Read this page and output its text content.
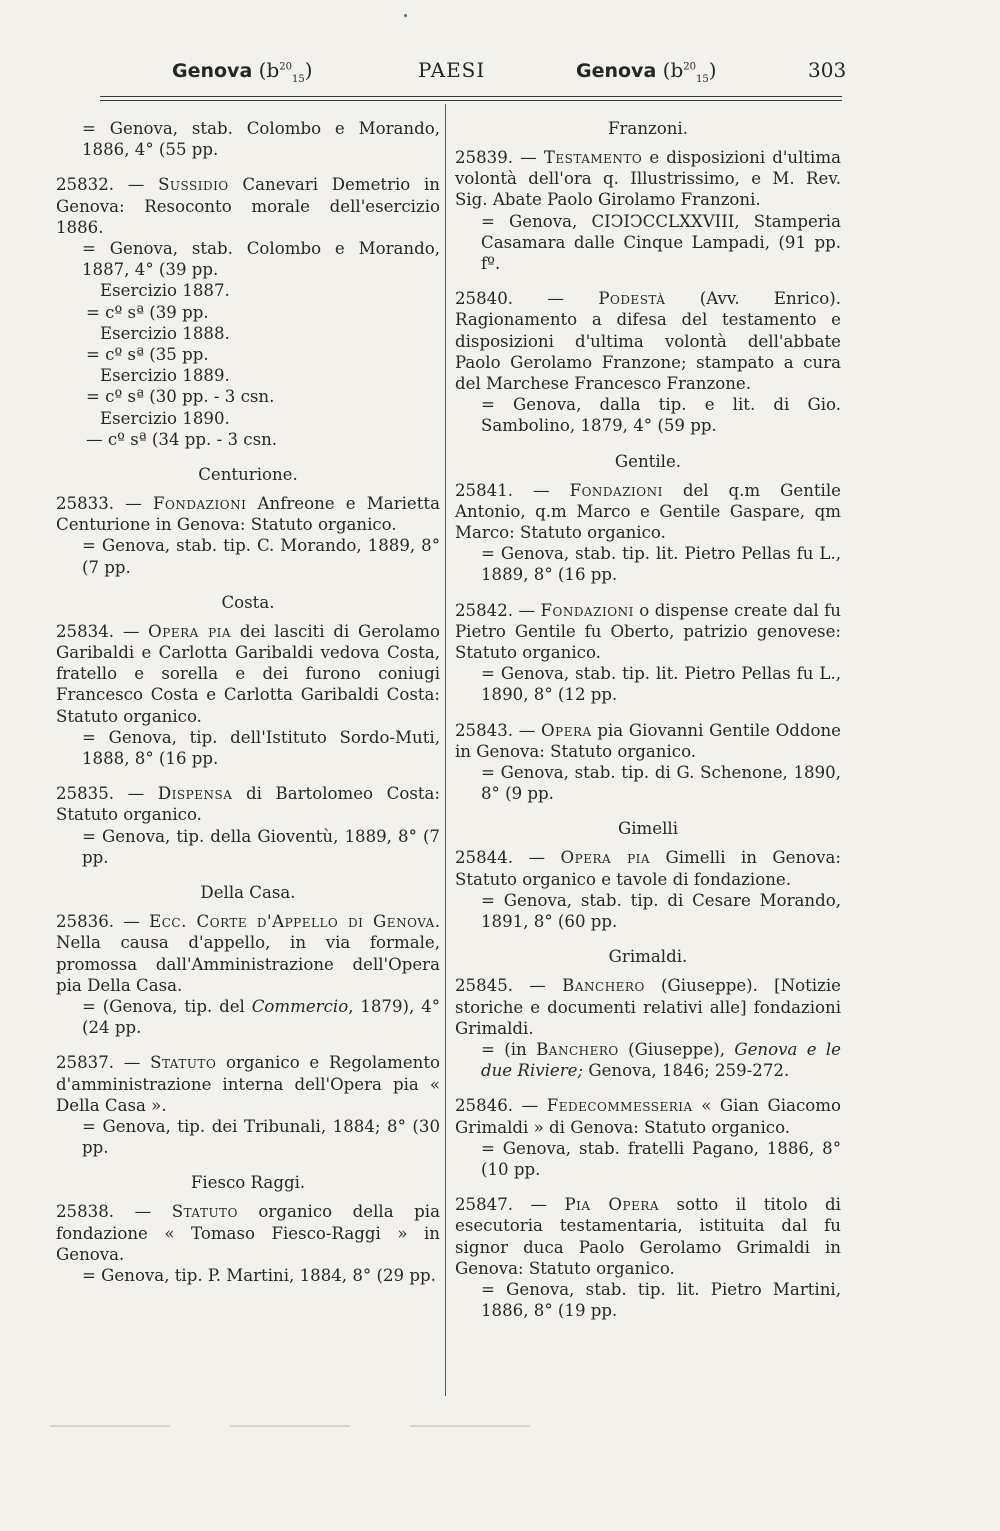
Genova $(b^{20}_{15})$	PAESI	Genova $(b^{20}_{15})$	303

= Genova, stab. Colombo e Morando, 1886, 4° (55 pp.

25832. — Sussidio Canevari Demetrio in Genova: Resoconto morale dell'esercizio 1886.

= Genova, stab. Colombo e Morando, 1887, 4° (39 pp.

Esercizio 1887.
= cº sª (39 pp.
Esercizio 1888.
= cº sª (35 pp.
Esercizio 1889.
= cº sª (30 pp. - 3 csn.
Esercizio 1890.
— cº sª (34 pp. - 3 csn.
Centurione.

25833. — Fondazioni Anfreone e Marietta Centurione in Genova: Statuto organico.

= Genova, stab. tip. C. Morando, 1889, 8° (7 pp.

Costa.

25834. — Opera pia dei lasciti di Gerolamo Garibaldi e Carlotta Garibaldi vedova Costa, fratello e sorella e dei furono coniugi Francesco Costa e Carlotta Garibaldi Costa: Statuto organico.

= Genova, tip. dell'Istituto Sordo-Muti, 1888, 8° (16 pp.

25835. — Dispensa di Bartolomeo Costa: Statuto organico.

= Genova, tip. della Gioventù, 1889, 8° (7 pp.

Della Casa.

25836. — Ecc. Corte d'Appello di Genova. Nella causa d'appello, in via formale, promossa dall'Amministrazione dell'Opera pia Della Casa.

= (Genova, tip. del Commercio, 1879), 4° (24 pp.

25837. — Statuto organico e Regolamento d'amministrazione interna dell'Opera pia « Della Casa ».

= Genova, tip. dei Tribunali, 1884; 8° (30 pp.

Fiesco Raggi.

25838. — Statuto organico della pia fondazione « Tomaso Fiesco-Raggi » in Genova.

= Genova, tip. P. Martini, 1884, 8° (29 pp.

Franzoni.

25839. — Testamento e disposizioni d'ultima volontà dell'ora q. Illustrissimo, e M. Rev. Sig. Abate Paolo Girolamo Franzoni.

= Genova, CIↃIↃCCLXXVIII, Stamperia Casamara dalle Cinque Lampadi, (91 pp. fº.

25840. — Podestà (Avv. Enrico). Ragionamento a difesa del testamento e disposizioni d'ultima volontà dell'abbate Paolo Gerolamo Franzone; stampato a cura del Marchese Francesco Franzone.

= Genova, dalla tip. e lit. di Gio. Sambolino, 1879, 4° (59 pp.

Gentile.

25841. — Fondazioni del q.m Gentile Antonio, q.m Marco e Gentile Gaspare, qm Marco: Statuto organico.

= Genova, stab. tip. lit. Pietro Pellas fu L., 1889, 8° (16 pp.

25842. — Fondazioni o dispense create dal fu Pietro Gentile fu Oberto, patrizio genovese: Statuto organico.

= Genova, stab. tip. lit. Pietro Pellas fu L., 1890, 8° (12 pp.

25843. — Opera pia Giovanni Gentile Oddone in Genova: Statuto organico.

= Genova, stab. tip. di G. Schenone, 1890, 8° (9 pp.

Gimelli

25844. — Opera pia Gimelli in Genova: Statuto organico e tavole di fondazione.

= Genova, stab. tip. di Cesare Morando, 1891, 8° (60 pp.

Grimaldi.

25845. — Banchero (Giuseppe). [Notizie storiche e documenti relativi alle] fondazioni Grimaldi.

= (in Banchero (Giuseppe), Genova e le due Riviere; Genova, 1846; 259-272.

25846. — Fedecommesseria « Gian Giacomo Grimaldi » di Genova: Statuto organico.

= Genova, stab. fratelli Pagano, 1886, 8° (10 pp.

25847. — Pia Opera sotto il titolo di esecutoria testamentaria, istituita dal fu signor duca Paolo Gerolamo Grimaldi in Genova: Statuto organico.

= Genova, stab. tip. lit. Pietro Martini, 1886, 8° (19 pp.
